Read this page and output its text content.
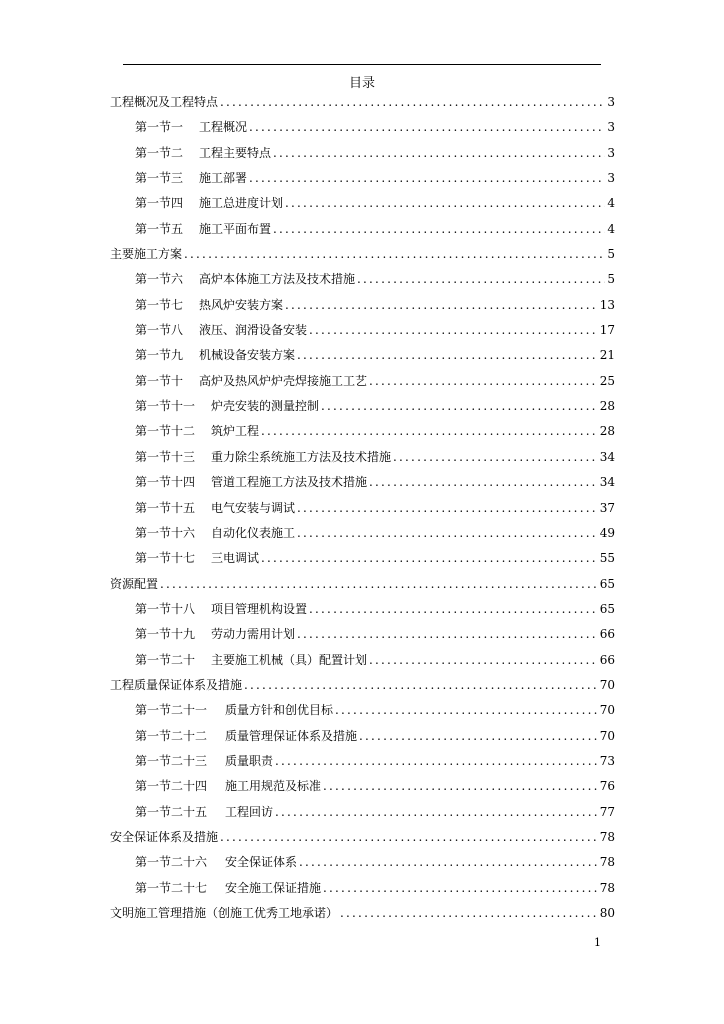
目录
工程概况及工程特点 .....	3
第一节一	工程概况 .....	3
第一节二	工程主要特点 .....	3
第一节三	施工部署 .....	3
第一节四	施工总进度计划 .....	4
第一节五	施工平面布置 .....	4
主要施工方案 .....	5
第一节六	高炉本体施工方法及技术措施 .....	5
第一节七	热风炉安装方案 .....	13
第一节八	液压、润滑设备安装 .....	17
第一节九	机械设备安装方案 .....	21
第一节十	高炉及热风炉炉壳焊接施工工艺 .....	25
第一节十一	炉壳安装的测量控制 .....	28
第一节十二	筑炉工程 .....	28
第一节十三	重力除尘系统施工方法及技术措施 .....	34
第一节十四	管道工程施工方法及技术措施 .....	34
第一节十五	电气安装与调试 .....	37
第一节十六	自动化仪表施工 .....	49
第一节十七	三电调试 .....	55
资源配置 .....	65
第一节十八	项目管理机构设置 .....	65
第一节十九	劳动力需用计划 .....	66
第一节二十	主要施工机械（具）配置计划 .....	66
工程质量保证体系及措施 .....	70
第一节二十一	质量方针和创优目标 .....	70
第一节二十二	质量管理保证体系及措施 .....	70
第一节二十三	质量职责 .....	73
第一节二十四	施工用规范及标准 .....	76
第一节二十五	工程回访 .....	77
安全保证体系及措施 .....	78
第一节二十六	安全保证体系 .....	78
第一节二十七	安全施工保证措施 .....	78
文明施工管理措施（创施工优秀工地承诺） .....	80
1
